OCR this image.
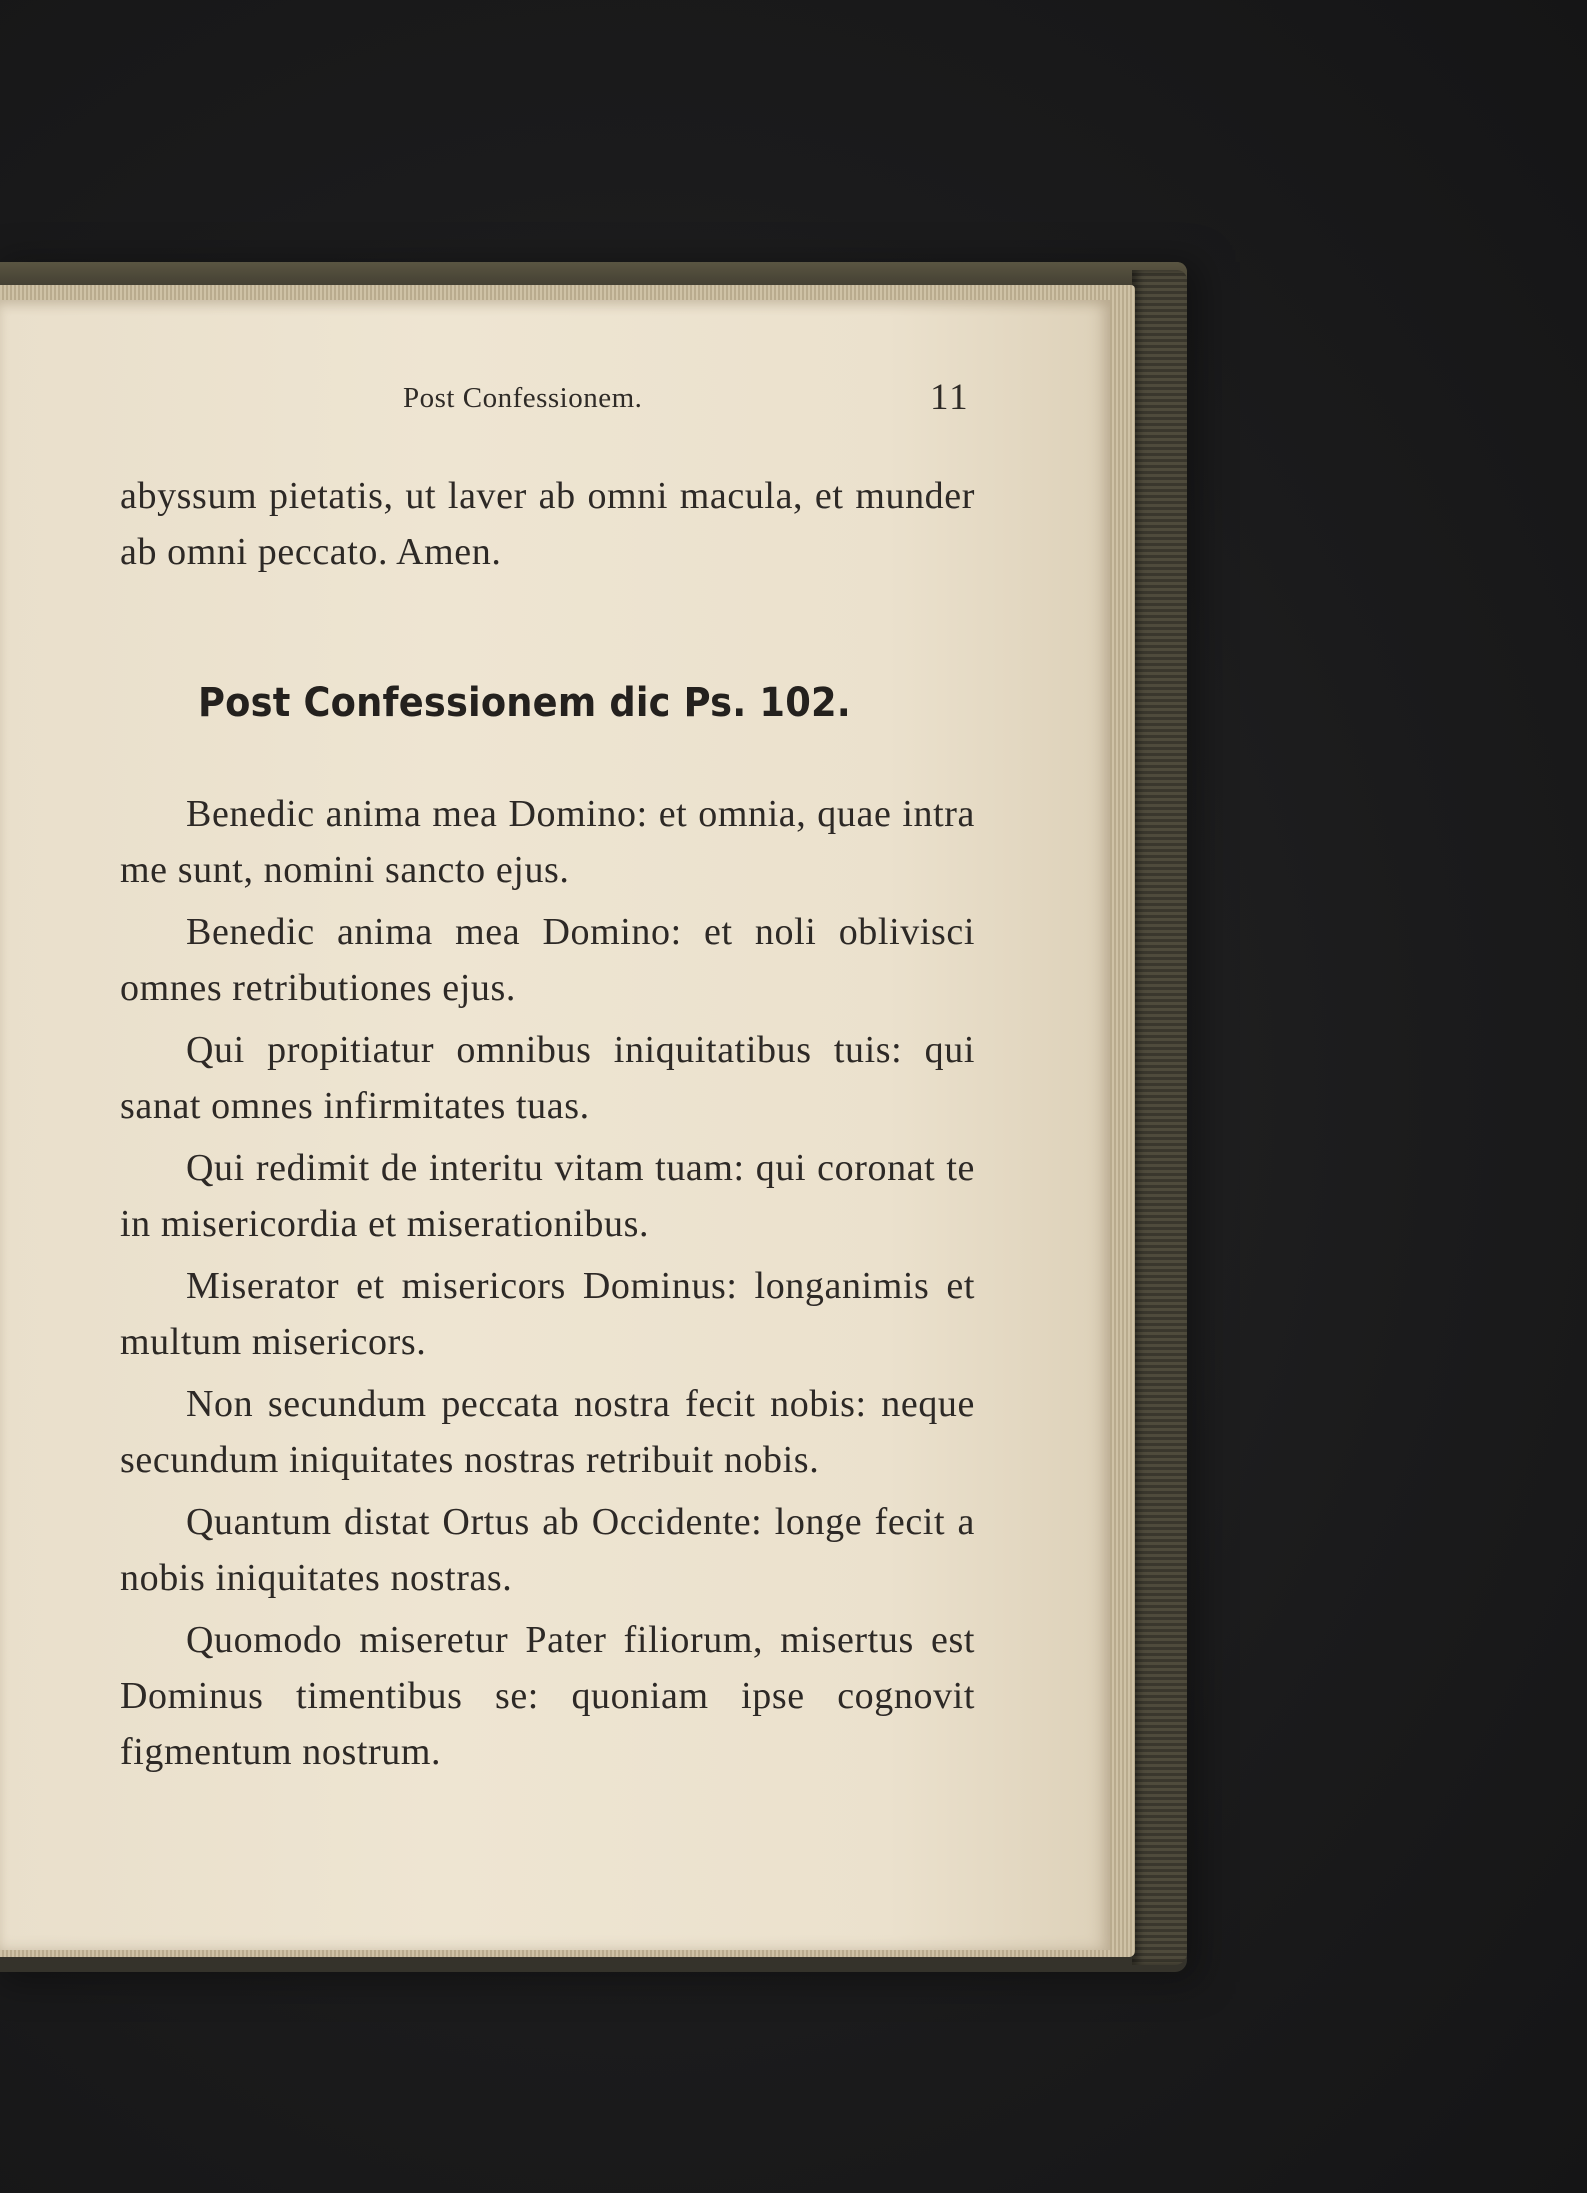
Post Confessionem.	11

abyssum pietatis, ut laver ab omni macula, et munder ab omni peccato. Amen.

Post Confessionem dic Ps. 102.

Benedic anima mea Domino: et omnia, quae intra me sunt, nomini sancto ejus.

Benedic anima mea Domino: et noli oblivisci omnes retributiones ejus.

Qui propitiatur omnibus iniquitatibus tuis: qui sanat omnes infirmitates tuas.

Qui redimit de interitu vitam tuam: qui coronat te in misericordia et miserationibus.

Miserator et misericors Dominus: longanimis et multum misericors.

Non secundum peccata nostra fecit nobis: neque secundum iniquitates nostras retribuit nobis.

Quantum distat Ortus ab Occidente: longe fecit a nobis iniquitates nostras.

Quomodo miseretur Pater filiorum, misertus est Dominus timentibus se: quoniam ipse cognovit figmentum nostrum.
